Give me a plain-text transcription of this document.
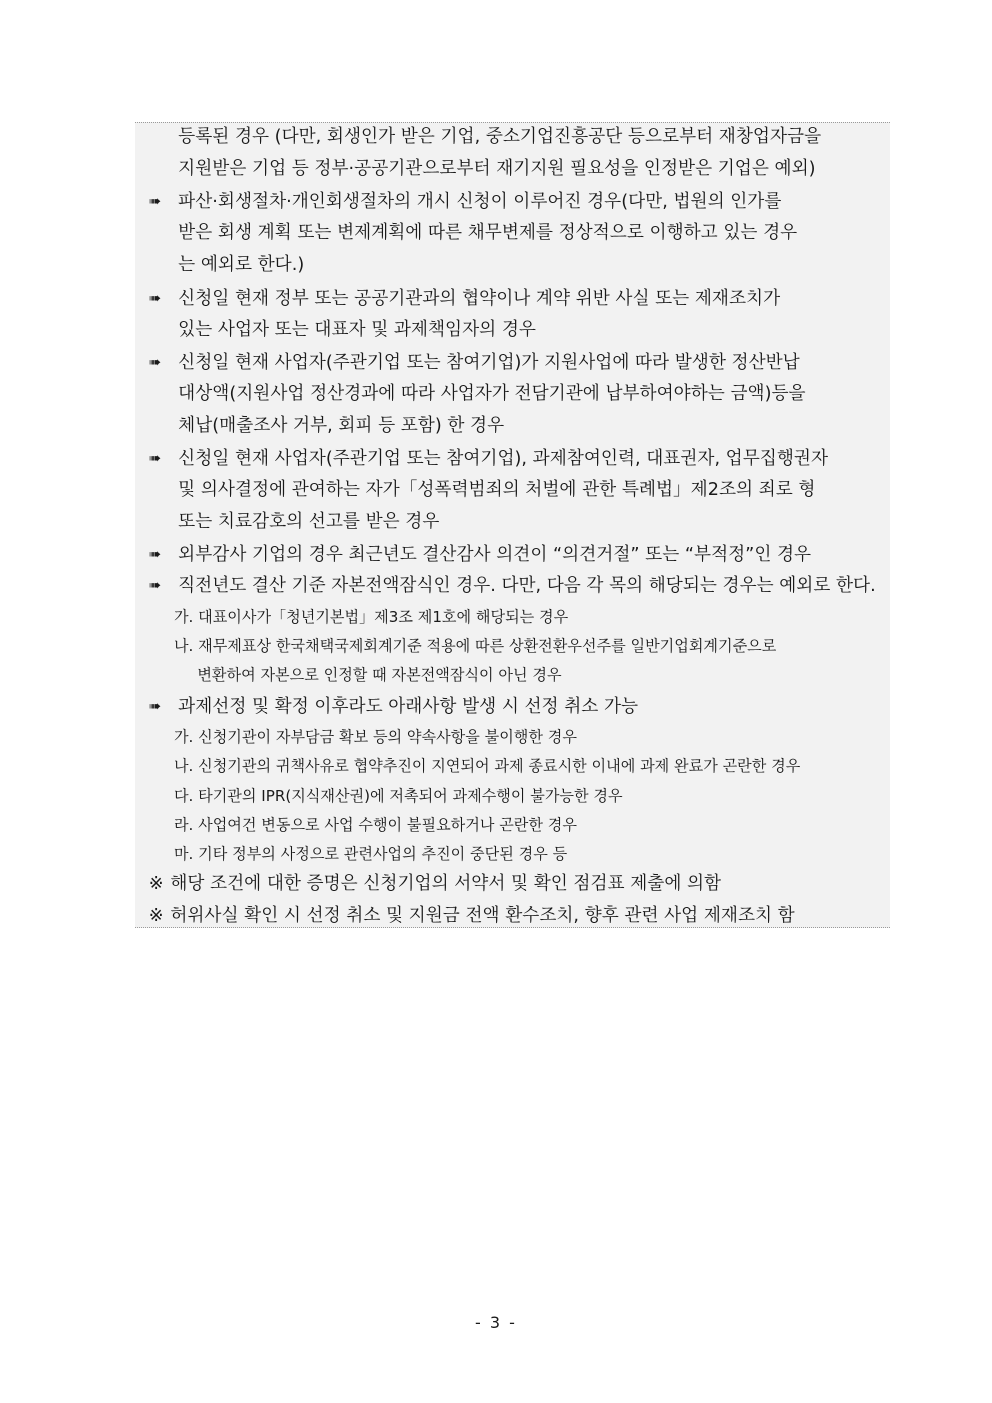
등록된 경우 (다만, 회생인가 받은 기업, 중소기업진흥공단 등으로부터 재창업자금을
지원받은 기업 등 정부·공공기관으로부터 재기지원 필요성을 인정받은 기업은 예외)
➠ 파산·회생절차·개인회생절차의 개시 신청이 이루어진 경우(다만, 법원의 인가를
받은 회생 계획 또는 변제계획에 따른 채무변제를 정상적으로 이행하고 있는 경우
는 예외로 한다.)
➠ 신청일 현재 정부 또는 공공기관과의 협약이나 계약 위반 사실 또는 제재조치가
있는 사업자 또는 대표자 및 과제책임자의 경우
➠ 신청일 현재 사업자(주관기업 또는 참여기업)가 지원사업에 따라 발생한 정산반납
대상액(지원사업 정산경과에 따라 사업자가 전담기관에 납부하여야하는 금액)등을
체납(매출조사 거부, 회피 등 포함) 한 경우
➠ 신청일 현재 사업자(주관기업 또는 참여기업), 과제참여인력, 대표권자, 업무집행권자
및 의사결정에 관여하는 자가「성폭력범죄의 처벌에 관한 특례법」제2조의 죄로 형
또는 치료감호의 선고를 받은 경우
➠ 외부감사 기업의 경우 최근년도 결산감사 의견이 “의견거절” 또는 “부적정”인 경우
➠ 직전년도 결산 기준 자본전액잠식인 경우. 다만, 다음 각 목의 해당되는 경우는 예외로 한다.
가. 대표이사가「청년기본법」제3조 제1호에 해당되는 경우
나. 재무제표상 한국채택국제회계기준 적용에 따른 상환전환우선주를 일반기업회계기준으로
변환하여 자본으로 인정할 때 자본전액잠식이 아닌 경우
➠ 과제선정 및 확정 이후라도 아래사항 발생 시 선정 취소 가능
가. 신청기관이 자부담금 확보 등의 약속사항을 불이행한 경우
나. 신청기관의 귀책사유로 협약추진이 지연되어 과제 종료시한 이내에 과제 완료가 곤란한 경우
다. 타기관의 IPR(지식재산권)에 저촉되어 과제수행이 불가능한 경우
라. 사업여건 변동으로 사업 수행이 불필요하거나 곤란한 경우
마. 기타 정부의 사정으로 관련사업의 추진이 중단된 경우 등
※ 해당 조건에 대한 증명은 신청기업의 서약서 및 확인 점검표 제출에 의함
※ 허위사실 확인 시 선정 취소 및 지원금 전액 환수조치, 향후 관련 사업 제재조치 함
- 3 -
